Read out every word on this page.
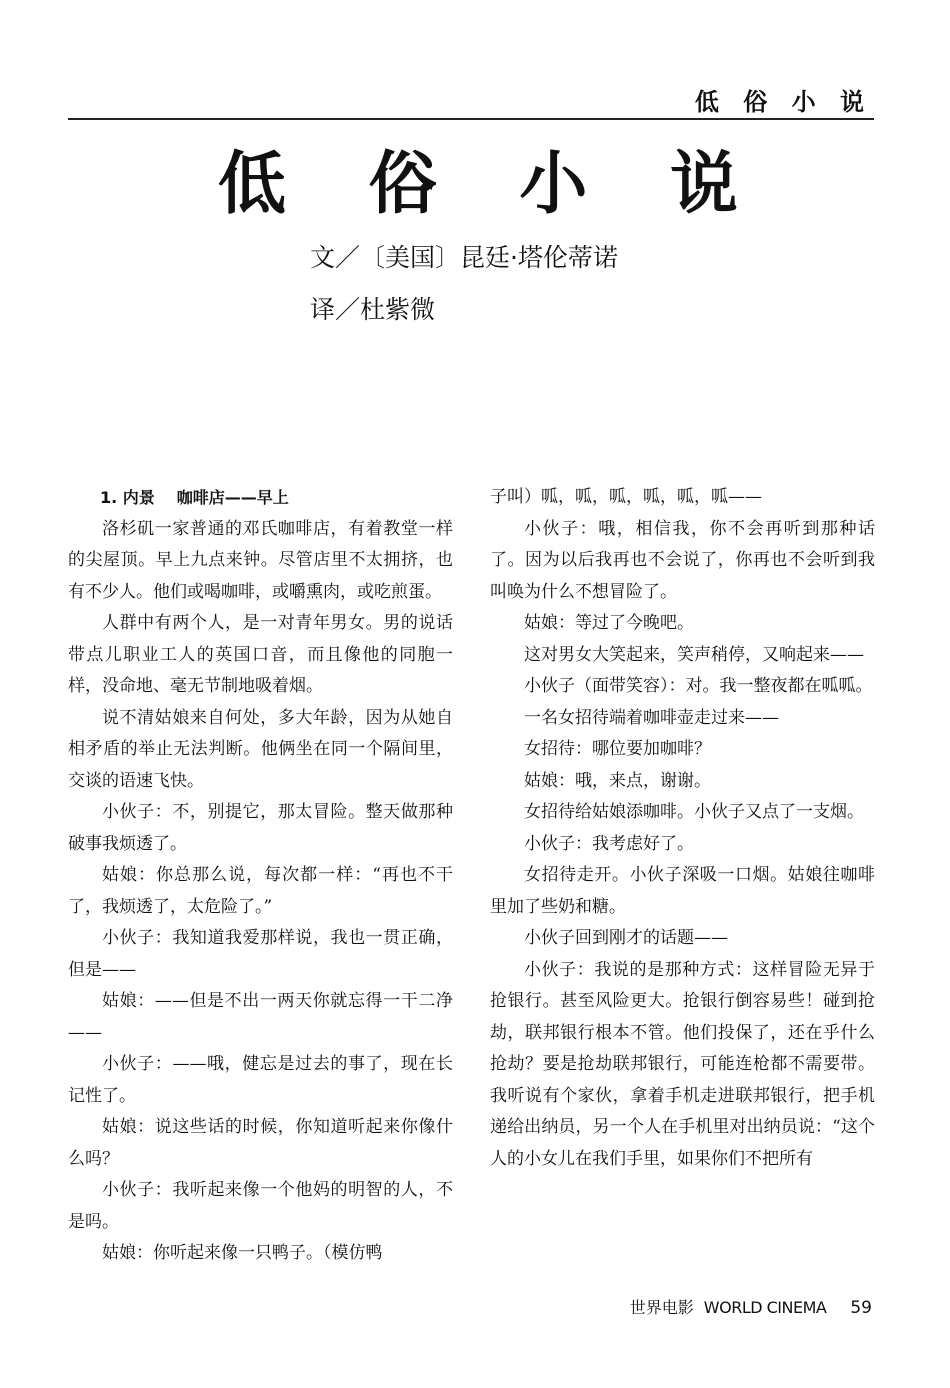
低 俗 小 说
低 俗 小 说
文／〔美国〕昆廷·塔伦蒂诺
译／杜紫微
1. 内景 咖啡店——早上

洛杉矶一家普通的邓氏咖啡店，有着教堂一样的尖屋顶。早上九点来钟。尽管店里不太拥挤，也有不少人。他们或喝咖啡，或嚼熏肉，或吃煎蛋。

人群中有两个人，是一对青年男女。男的说话带点儿职业工人的英国口音，而且像他的同胞一样，没命地、毫无节制地吸着烟。

说不清姑娘来自何处，多大年龄，因为从她自相矛盾的举止无法判断。他俩坐在同一个隔间里，交谈的语速飞快。

小伙子：不，别提它，那太冒险。整天做那种破事我烦透了。

姑娘：你总那么说，每次都一样：“再也不干了，我烦透了，太危险了。”

小伙子：我知道我爱那样说，我也一贯正确，但是——

姑娘：——但是不出一两天你就忘得一干二净——

小伙子：——哦，健忘是过去的事了，现在长记性了。

姑娘：说这些话的时候，你知道听起来你像什么吗？

小伙子：我听起来像一个他妈的明智的人，不是吗。

姑娘：你听起来像一只鸭子。（模仿鸭

子叫）呱，呱，呱，呱，呱，呱——

小伙子：哦，相信我，你不会再听到那种话了。因为以后我再也不会说了，你再也不会听到我叫唤为什么不想冒险了。

姑娘：等过了今晚吧。

这对男女大笑起来，笑声稍停，又响起来——

小伙子（面带笑容）：对。我一整夜都在呱呱。

一名女招待端着咖啡壶走过来——

女招待：哪位要加咖啡？

姑娘：哦，来点，谢谢。

女招待给姑娘添咖啡。小伙子又点了一支烟。

小伙子：我考虑好了。

女招待走开。小伙子深吸一口烟。姑娘往咖啡里加了些奶和糖。

小伙子回到刚才的话题——

小伙子：我说的是那种方式：这样冒险无异于抢银行。甚至风险更大。抢银行倒容易些！碰到抢劫，联邦银行根本不管。他们投保了，还在乎什么抢劫？要是抢劫联邦银行，可能连枪都不需要带。我听说有个家伙，拿着手机走进联邦银行，把手机递给出纳员，另一个人在手机里对出纳员说：“这个人的小女儿在我们手里，如果你们不把所有

世界电影 WORLD CINEMA 59
